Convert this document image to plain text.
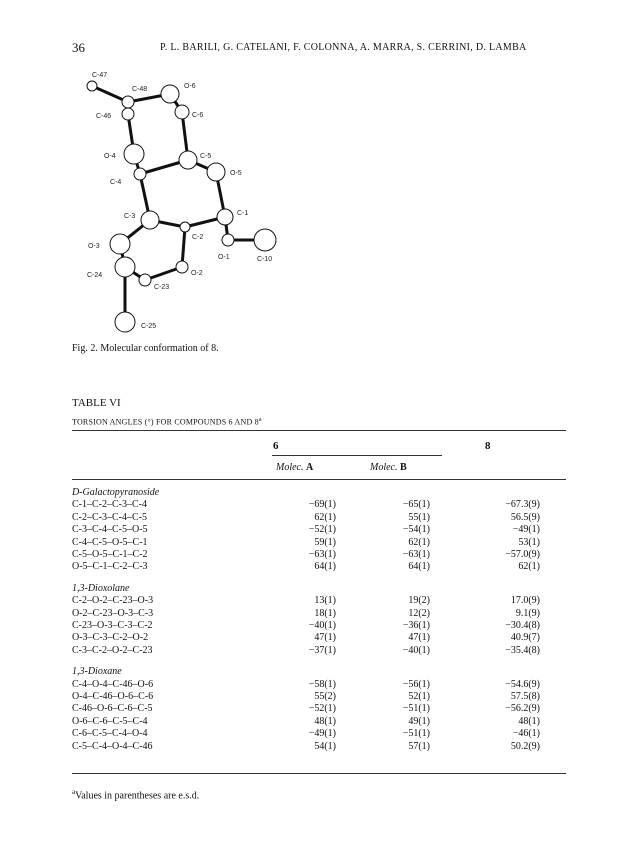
36	P. L. BARILI, G. CATELANI, F. COLONNA, A. MARRA, S. CERRINI, D. LAMBA
C-47
C-48	O-6
C-46	C-6
O-4	C-5
O-5
C-4
C-1
C-3
C-2
O-3
O-1	C-10
C-24	O-2
C-23
C-25
Fig. 2. Molecular conformation of 8.
TABLE VI
TORSION ANGLES (°) FOR COMPOUNDS 6 AND 8$^a$
6	8
Molec. A	Molec. B
D-Galactopyranoside
C-1–C-2–C-3–C-4	−69(1)	−65(1)	−67.3(9)
C-2–C-3–C-4–C-5	62(1)	55(1)	56.5(9)
C-3–C-4–C-5–O-5	−52(1)	−54(1)	−49(1)
C-4–C-5–O-5–C-1	59(1)	62(1)	53(1)
C-5–O-5–C-1–C-2	−63(1)	−63(1)	−57.0(9)
O-5–C-1–C-2–C-3	64(1)	64(1)	62(1)
1,3-Dioxolane
C-2–O-2–C-23–O-3	13(1)	19(2)	17.0(9)
O-2–C-23–O-3–C-3	18(1)	12(2)	9.1(9)
C-23–O-3–C-3–C-2	−40(1)	−36(1)	−30.4(8)
O-3–C-3–C-2–O-2	47(1)	47(1)	40.9(7)
C-3–C-2–O-2–C-23	−37(1)	−40(1)	−35.4(8)
1,3-Dioxane
C-4–O-4–C-46–O-6	−58(1)	−56(1)	−54.6(9)
O-4–C-46–O-6–C-6	55(2)	52(1)	57.5(8)
C-46–O-6–C-6–C-5	−52(1)	−51(1)	−56.2(9)
O-6–C-6–C-5–C-4	48(1)	49(1)	48(1)
C-6–C-5–C-4–O-4	−49(1)	−51(1)	−46(1)
C-5–C-4–O-4–C-46	54(1)	57(1)	50.2(9)
$^a$Values in parentheses are e.s.d.
